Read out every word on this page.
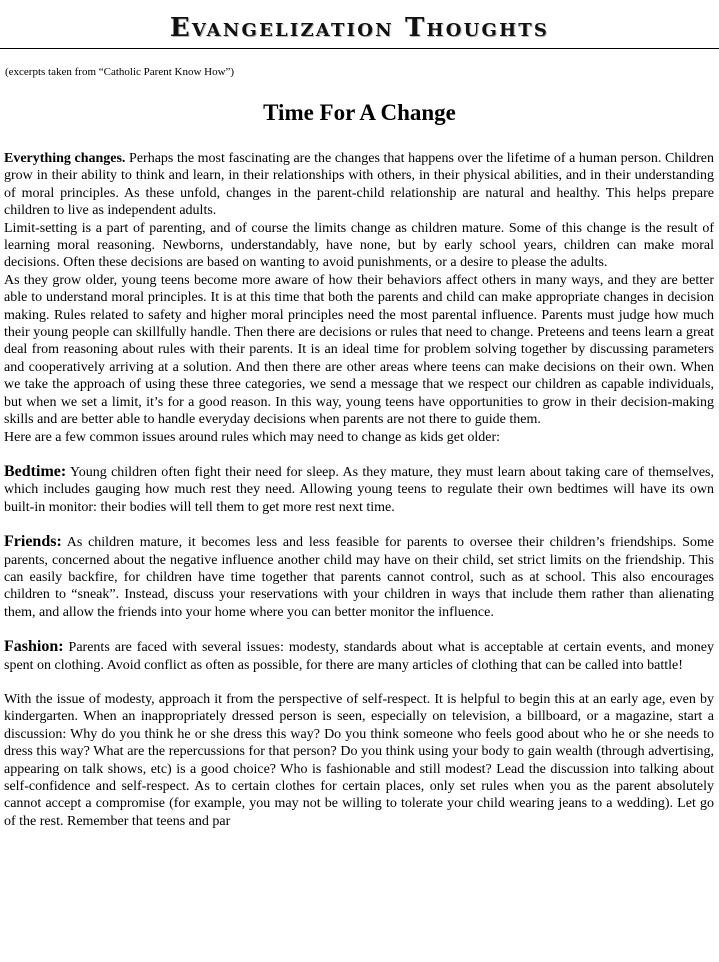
Evangelization Thoughts
(excerpts taken from “Catholic Parent Know How”)
Time For A Change

Everything changes. Perhaps the most fascinating are the changes that happens over the lifetime of a human person. Children grow in their ability to think and learn, in their relationships with others, in their physical abilities, and in their understanding of moral principles. As these unfold, changes in the parent-child relationship are natural and healthy. This helps prepare children to live as independent adults.

Limit-setting is a part of parenting, and of course the limits change as children mature. Some of this change is the result of learning moral reasoning. Newborns, understandably, have none, but by early school years, children can make moral decisions. Often these decisions are based on wanting to avoid punishments, or a desire to please the adults.

As they grow older, young teens become more aware of how their behaviors affect others in many ways, and they are better able to understand moral principles. It is at this time that both the parents and child can make appropriate changes in decision making. Rules related to safety and higher moral principles need the most parental influence. Parents must judge how much their young people can skillfully handle. Then there are decisions or rules that need to change. Preteens and teens learn a great deal from reasoning about rules with their parents. It is an ideal time for problem solving together by discussing parameters and cooperatively arriving at a solution. And then there are other areas where teens can make decisions on their own. When we take the approach of using these three categories, we send a message that we respect our children as capable individuals, but when we set a limit, it’s for a good reason. In this way, young teens have opportunities to grow in their decision-making skills and are better able to handle everyday decisions when parents are not there to guide them.

Here are a few common issues around rules which may need to change as kids get older:

Bedtime: Young children often fight their need for sleep. As they mature, they must learn about taking care of themselves, which includes gauging how much rest they need. Allowing young teens to regulate their own bedtimes will have its own built-in monitor: their bodies will tell them to get more rest next time.

Friends: As children mature, it becomes less and less feasible for parents to oversee their children’s friendships. Some parents, concerned about the negative influence another child may have on their child, set strict limits on the friendship. This can easily backfire, for children have time together that parents cannot control, such as at school. This also encourages children to “sneak”. Instead, discuss your reservations with your children in ways that include them rather than alienating them, and allow the friends into your home where you can better monitor the influence.

Fashion: Parents are faced with several issues: modesty, standards about what is acceptable at certain events, and money spent on clothing. Avoid conflict as often as possible, for there are many articles of clothing that can be called into battle!

With the issue of modesty, approach it from the perspective of self-respect. It is helpful to begin this at an early age, even by kindergarten. When an inappropriately dressed person is seen, especially on television, a billboard, or a magazine, start a discussion: Why do you think he or she dress this way? Do you think someone who feels good about who he or she needs to dress this way? What are the repercussions for that person? Do you think using your body to gain wealth (through advertising, appearing on talk shows, etc) is a good choice? Who is fashionable and still modest? Lead the discussion into talking about self-confidence and self-respect. As to certain clothes for certain places, only set rules when you as the parent absolutely cannot accept a compromise (for example, you may not be willing to tolerate your child wearing jeans to a wedding). Let go of the rest. Remember that teens and par
